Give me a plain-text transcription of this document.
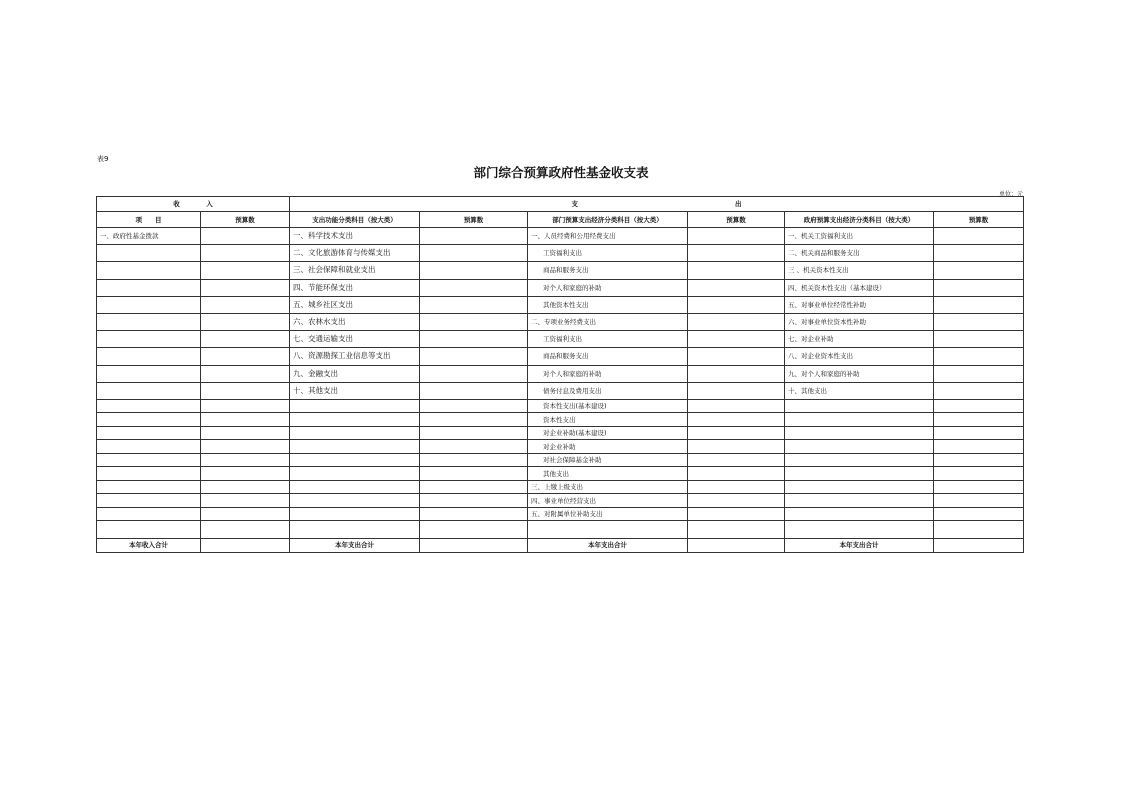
表9
部门综合预算政府性基金收支表
单位：元
收 入		支 出					

项　　目	预算数	支出功能分类科目（按大类）	预算数	部门预算支出经济分类科目（按大类）	预算数	政府预算支出经济分类科目（按大类）	预算数
一、政府性基金拨款		一、科学技术支出		一、人员经费和公用经费支出		一、机关工资福利支出	
		二、文化旅游体育与传媒支出		工资福利支出		二、机关商品和服务支出	
		三、社会保障和就业支出		商品和服务支出		三 、机关资本性支出	
		四、节能环保支出		对个人和家庭的补助		四、机关资本性支出（基本建设）	
		五、城乡社区支出		其他资本性支出		五、对事业单位经常性补助	
		六、农林水支出		二、专项业务经费支出		六、对事业单位资本性补助	
		七、交通运输支出		工资福利支出		七、对企业补助	
		八、资源勘探工业信息等支出		商品和服务支出		八、对企业资本性支出	
		九、金融支出		对个人和家庭的补助		九、对个人和家庭的补助	
		十、其他支出		债务付息及费用支出		十、其他支出	
				资本性支出(基本建设)			
				资本性支出			
				对企业补助(基本建设)			
				对企业补助			
				对社会保障基金补助			
				其他支出			
				三、上缴上级支出			
				四、事业单位经营支出			
				五、对附属单位补助支出			

本年收入合计		本年支出合计		本年支出合计		本年支出合计	
